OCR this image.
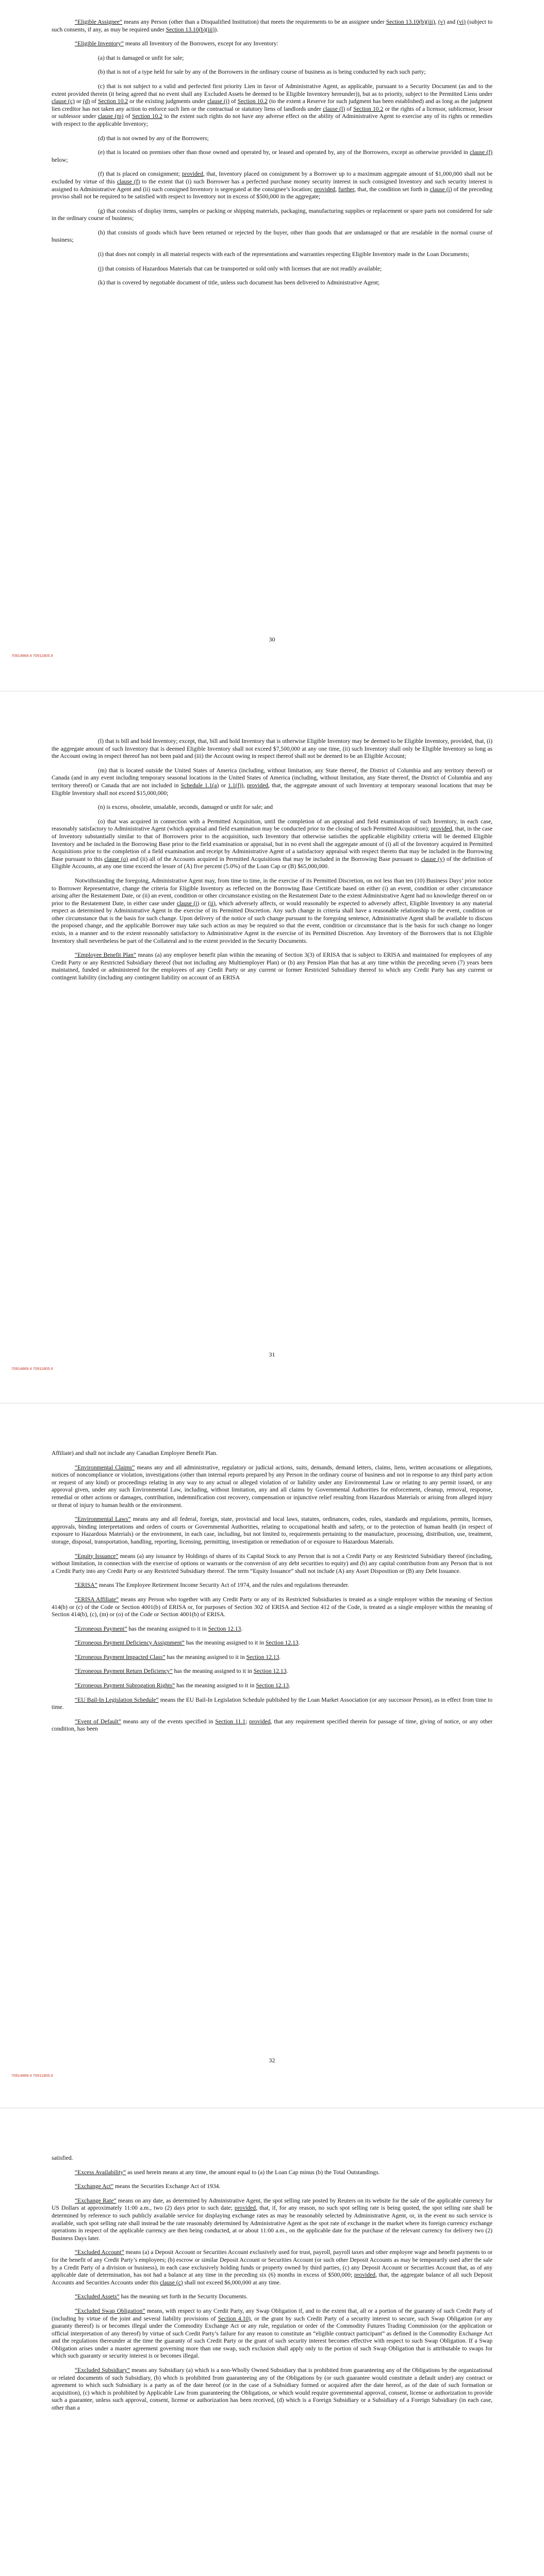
“Eligible Assignee” means any Person (other than a Disqualified Institution) that meets the requirements to be an assignee under Section 13.10(b)(iii), (v) and (vi) (subject to such consents, if any, as may be required under Section 13.10(b)(iii)).

“Eligible Inventory” means all Inventory of the Borrowers, except for any Inventory:

(a) that is damaged or unfit for sale;

(b) that is not of a type held for sale by any of the Borrowers in the ordinary course of business as is being conducted by each such party;

(c) that is not subject to a valid and perfected first priority Lien in favor of Administrative Agent, as applicable, pursuant to a Security Document (as and to the extent provided therein (it being agreed that no event shall any Excluded Assets be deemed to be Eligible Inventory hereunder)), but as to priority, subject to the Permitted Liens under clause (c) or (d) of Section 10.2 or the existing judgments under clause (i) of Section 10.2 (to the extent a Reserve for such judgment has been established) and as long as the judgment lien creditor has not taken any action to enforce such lien or the contractual or statutory liens of landlords under clause (l) of Section 10.2 or the rights of a licensor, sublicensor, lessor or sublessor under clause (m) of Section 10.2 to the extent such rights do not have any adverse effect on the ability of Administrative Agent to exercise any of its rights or remedies with respect to the applicable Inventory;

(d) that is not owned by any of the Borrowers;

(e) that is located on premises other than those owned and operated by, or leased and operated by, any of the Borrowers, except as otherwise provided in clause (f) below;

(f) that is placed on consignment; provided, that, Inventory placed on consignment by a Borrower up to a maximum aggregate amount of $1,000,000 shall not be excluded by virtue of this clause (f) to the extent that (i) such Borrower has a perfected purchase money security interest in such consigned Inventory and such security interest is assigned to Administrative Agent and (ii) such consigned Inventory is segregated at the consignee’s location; provided, further, that, the condition set forth in clause (i) of the preceding proviso shall not be required to be satisfied with respect to Inventory not in excess of $500,000 in the aggregate;

(g) that consists of display items, samples or packing or shipping materials, packaging, manufacturing supplies or replacement or spare parts not considered for sale in the ordinary course of business;

(h) that consists of goods which have been returned or rejected by the buyer, other than goods that are undamaged or that are resalable in the normal course of business;

(i) that does not comply in all material respects with each of the representations and warranties respecting Eligible Inventory made in the Loan Documents;

(j) that consists of Hazardous Materials that can be transported or sold only with licenses that are not readily available;

(k) that is covered by negotiable document of title, unless such document has been delivered to Administrative Agent;

30
70914869.4 70911805.6

(l) that is bill and hold Inventory; except, that, bill and hold Inventory that is otherwise Eligible Inventory may be deemed to be Eligible Inventory, provided, that, (i) the aggregate amount of such Inventory that is deemed Eligible Inventory shall not exceed $7,500,000 at any one time, (ii) such Inventory shall only be Eligible Inventory so long as the Account owing in respect thereof has not been paid and (iii) the Account owing in respect thereof shall not be deemed to be an Eligible Account;

(m) that is located outside the United States of America (including, without limitation, any State thereof, the District of Columbia and any territory thereof) or Canada (and in any event including temporary seasonal locations in the United States of America (including, without limitation, any State thereof, the District of Columbia and any territory thereof) or Canada that are not included in Schedule 1.1(a) or 1.1(f)), provided, that, the aggregate amount of such Inventory at temporary seasonal locations that may be Eligible Inventory shall not exceed $15,000,000;

(n) is excess, obsolete, unsalable, seconds, damaged or unfit for sale; and

(o) that was acquired in connection with a Permitted Acquisition, until the completion of an appraisal and field examination of such Inventory, in each case, reasonably satisfactory to Administrative Agent (which appraisal and field examination may be conducted prior to the closing of such Permitted Acquisition); provided, that, in the case of Inventory substantially similar to that of Borrowers prior to the acquisition, such Inventory that otherwise satisfies the applicable eligibility criteria will be deemed Eligible Inventory and be included in the Borrowing Base prior to the field examination or appraisal, but in no event shall the aggregate amount of (i) all of the Inventory acquired in Permitted Acquisitions prior to the completion of a field examination and receipt by Administrative Agent of a satisfactory appraisal with respect thereto that may be included in the Borrowing Base pursuant to this clause (o) and (ii) all of the Accounts acquired in Permitted Acquisitions that may be included in the Borrowing Base pursuant to clause (y) of the definition of Eligible Accounts, at any one time exceed the lesser of (A) five percent (5.0%) of the Loan Cap or (B) $65,000,000.

Notwithstanding the foregoing, Administrative Agent may, from time to time, in the exercise of its Permitted Discretion, on not less than ten (10) Business Days’ prior notice to Borrower Representative, change the criteria for Eligible Inventory as reflected on the Borrowing Base Certificate based on either (i) an event, condition or other circumstance arising after the Restatement Date, or (ii) an event, condition or other circumstance existing on the Restatement Date to the extent Administrative Agent had no knowledge thereof on or prior to the Restatement Date, in either case under clause (i) or (ii), which adversely affects, or would reasonably be expected to adversely affect, Eligible Inventory in any material respect as determined by Administrative Agent in the exercise of its Permitted Discretion. Any such change in criteria shall have a reasonable relationship to the event, condition or other circumstance that is the basis for such change. Upon delivery of the notice of such change pursuant to the foregoing sentence, Administrative Agent shall be available to discuss the proposed change, and the applicable Borrower may take such action as may be required so that the event, condition or circumstance that is the basis for such change no longer exists, in a manner and to the extent reasonably satisfactory to Administrative Agent in the exercise of its Permitted Discretion. Any Inventory of the Borrowers that is not Eligible Inventory shall nevertheless be part of the Collateral and to the extent provided in the Security Documents.

“Employee Benefit Plan” means (a) any employee benefit plan within the meaning of Section 3(3) of ERISA that is subject to ERISA and maintained for employees of any Credit Party or any Restricted Subsidiary thereof (but not including any Multiemployer Plan) or (b) any Pension Plan that has at any time within the preceding seven (7) years been maintained, funded or administered for the employees of any Credit Party or any current or former Restricted Subsidiary thereof to which any Credit Party has any current or contingent liability (including any contingent liability on account of an ERISA

31
70914869.4 70911805.6

Affiliate) and shall not include any Canadian Employee Benefit Plan.

“Environmental Claims” means any and all administrative, regulatory or judicial actions, suits, demands, demand letters, claims, liens, written accusations or allegations, notices of noncompliance or violation, investigations (other than internal reports prepared by any Person in the ordinary course of business and not in response to any third party action or request of any kind) or proceedings relating in any way to any actual or alleged violation of or liability under any Environmental Law or relating to any permit issued, or any approval given, under any such Environmental Law, including, without limitation, any and all claims by Governmental Authorities for enforcement, cleanup, removal, response, remedial or other actions or damages, contribution, indemnification cost recovery, compensation or injunctive relief resulting from Hazardous Materials or arising from alleged injury or threat of injury to human health or the environment.

“Environmental Laws” means any and all federal, foreign, state, provincial and local laws, statutes, ordinances, codes, rules, standards and regulations, permits, licenses, approvals, binding interpretations and orders of courts or Governmental Authorities, relating to occupational health and safety, or to the protection of human health (in respect of exposure to Hazardous Materials) or the environment, in each case, including, but not limited to, requirements pertaining to the manufacture, processing, distribution, use, treatment, storage, disposal, transportation, handling, reporting, licensing, permitting, investigation or remediation of or exposure to Hazardous Materials.

“Equity Issuance” means (a) any issuance by Holdings of shares of its Capital Stock to any Person that is not a Credit Party or any Restricted Subsidiary thereof (including, without limitation, in connection with the exercise of options or warrants or the conversion of any debt securities to equity) and (b) any capital contribution from any Person that is not a Credit Party into any Credit Party or any Restricted Subsidiary thereof. The term “Equity Issuance” shall not include (A) any Asset Disposition or (B) any Debt Issuance.

“ERISA” means The Employee Retirement Income Security Act of 1974, and the rules and regulations thereunder.

“ERISA Affiliate” means any Person who together with any Credit Party or any of its Restricted Subsidiaries is treated as a single employer within the meaning of Section 414(b) or (c) of the Code or Section 4001(b) of ERISA or, for purposes of Section 302 of ERISA and Section 412 of the Code, is treated as a single employer within the meaning of Section 414(b), (c), (m) or (o) of the Code or Section 4001(b) of ERISA.

“Erroneous Payment” has the meaning assigned to it in Section 12.13.

“Erroneous Payment Deficiency Assignment” has the meaning assigned to it in Section 12.13.

“Erroneous Payment Impacted Class” has the meaning assigned to it in Section 12.13.

“Erroneous Payment Return Deficiency” has the meaning assigned to it in Section 12.13.

“Erroneous Payment Subrogation Rights” has the meaning assigned to it in Section 12.13.

“EU Bail-In Legislation Schedule” means the EU Bail-In Legislation Schedule published by the Loan Market Association (or any successor Person), as in effect from time to time.

“Event of Default” means any of the events specified in Section 11.1; provided, that any requirement specified therein for passage of time, giving of notice, or any other condition, has been

32
70914869.4 70911805.6

satisfied.

“Excess Availability” as used herein means at any time, the amount equal to (a) the Loan Cap minus (b) the Total Outstandings.

“Exchange Act” means the Securities Exchange Act of 1934.

“Exchange Rate” means on any date, as determined by Administrative Agent, the spot selling rate posted by Reuters on its website for the sale of the applicable currency for US Dollars at approximately 11:00 a.m., two (2) days prior to such date; provided, that, if, for any reason, no such spot selling rate is being quoted, the spot selling rate shall be determined by reference to such publicly available service for displaying exchange rates as may be reasonably selected by Administrative Agent, or, in the event no such service is available, such spot selling rate shall instead be the rate reasonably determined by Administrative Agent as the spot rate of exchange in the market where its foreign currency exchange operations in respect of the applicable currency are then being conducted, at or about 11:00 a.m., on the applicable date for the purchase of the relevant currency for delivery two (2) Business Days later.

“Excluded Account” means (a) a Deposit Account or Securities Account exclusively used for trust, payroll, payroll taxes and other employee wage and benefit payments to or for the benefit of any Credit Party’s employees; (b) escrow or similar Deposit Account or Securities Account (or such other Deposit Accounts as may be temporarily used after the sale by a Credit Party of a division or business), in each case exclusively holding funds or property owned by third parties, (c) any Deposit Account or Securities Account that, as of any applicable date of determination, has not had a balance at any time in the preceding six (6) months in excess of $500,000; provided, that, the aggregate balance of all such Deposit Accounts and Securities Accounts under this clause (c) shall not exceed $6,000,000 at any time.

“Excluded Assets” has the meaning set forth in the Security Documents.

“Excluded Swap Obligation” means, with respect to any Credit Party, any Swap Obligation if, and to the extent that, all or a portion of the guaranty of such Credit Party of (including by virtue of the joint and several liability provisions of Section 4.10), or the grant by such Credit Party of a security interest to secure, such Swap Obligation (or any guaranty thereof) is or becomes illegal under the Commodity Exchange Act or any rule, regulation or order of the Commodity Futures Trading Commission (or the application or official interpretation of any thereof) by virtue of such Credit Party’s failure for any reason to constitute an “eligible contract participant” as defined in the Commodity Exchange Act and the regulations thereunder at the time the guaranty of such Credit Party or the grant of such security interest becomes effective with respect to such Swap Obligation. If a Swap Obligation arises under a master agreement governing more than one swap, such exclusion shall apply only to the portion of such Swap Obligation that is attributable to swaps for which such guaranty or security interest is or becomes illegal.

“Excluded Subsidiary” means any Subsidiary (a) which is a non-Wholly Owned Subsidiary that is prohibited from guaranteeing any of the Obligations by the organizational or related documents of such Subsidiary, (b) which is prohibited from guaranteeing any of the Obligations by (or such guarantee would constitute a default under) any contract or agreement to which such Subsidiary is a party as of the date hereof (or in the case of a Subsidiary formed or acquired after the date hereof, as of the date of such formation or acquisition), (c) which is prohibited by Applicable Law from guaranteeing the Obligations, or which would require governmental approval, consent, license or authorization to provide such a guarantee, unless such approval, consent, license or authorization has been received, (d) which is a Foreign Subsidiary or a Subsidiary of a Foreign Subsidiary (in each case, other than a
